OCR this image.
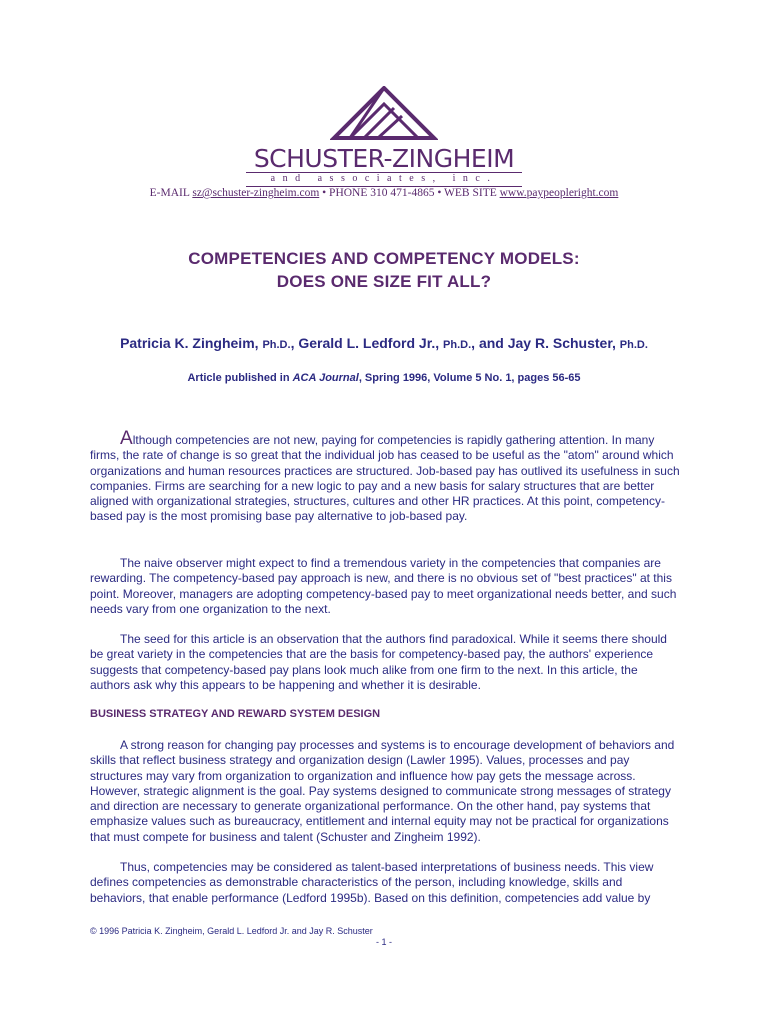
SCHUSTER-ZINGHEIM
and associates, inc.
E-MAIL sz@schuster-zingheim.com • PHONE 310 471-4865 • WEB SITE www.paypeopleright.com
COMPETENCIES AND COMPETENCY MODELS:
DOES ONE SIZE FIT ALL?
Patricia K. Zingheim, Ph.D., Gerald L. Ledford Jr., Ph.D., and Jay R. Schuster, Ph.D.
Article published in ACA Journal, Spring 1996, Volume 5 No. 1, pages 56-65

Although competencies are not new, paying for competencies is rapidly gathering attention. In many firms, the rate of change is so great that the individual job has ceased to be useful as the "atom" around which organizations and human resources practices are structured. Job-based pay has outlived its usefulness in such companies. Firms are searching for a new logic to pay and a new basis for salary structures that are better aligned with organizational strategies, structures, cultures and other HR practices. At this point, competency-based pay is the most promising base pay alternative to job-based pay.

The naive observer might expect to find a tremendous variety in the competencies that companies are rewarding. The competency-based pay approach is new, and there is no obvious set of "best practices" at this point. Moreover, managers are adopting competency-based pay to meet organizational needs better, and such needs vary from one organization to the next.

The seed for this article is an observation that the authors find paradoxical. While it seems there should be great variety in the competencies that are the basis for competency-based pay, the authors' experience suggests that competency-based pay plans look much alike from one firm to the next. In this article, the authors ask why this appears to be happening and whether it is desirable.

BUSINESS STRATEGY AND REWARD SYSTEM DESIGN

A strong reason for changing pay processes and systems is to encourage development of behaviors and skills that reflect business strategy and organization design (Lawler 1995). Values, processes and pay structures may vary from organization to organization and influence how pay gets the message across. However, strategic alignment is the goal. Pay systems designed to communicate strong messages of strategy and direction are necessary to generate organizational performance. On the other hand, pay systems that emphasize values such as bureaucracy, entitlement and internal equity may not be practical for organizations that must compete for business and talent (Schuster and Zingheim 1992).

Thus, competencies may be considered as talent-based interpretations of business needs. This view defines competencies as demonstrable characteristics of the person, including knowledge, skills and behaviors, that enable performance (Ledford 1995b). Based on this definition, competencies add value by

© 1996 Patricia K. Zingheim, Gerald L. Ledford Jr. and Jay R. Schuster
- 1 -
